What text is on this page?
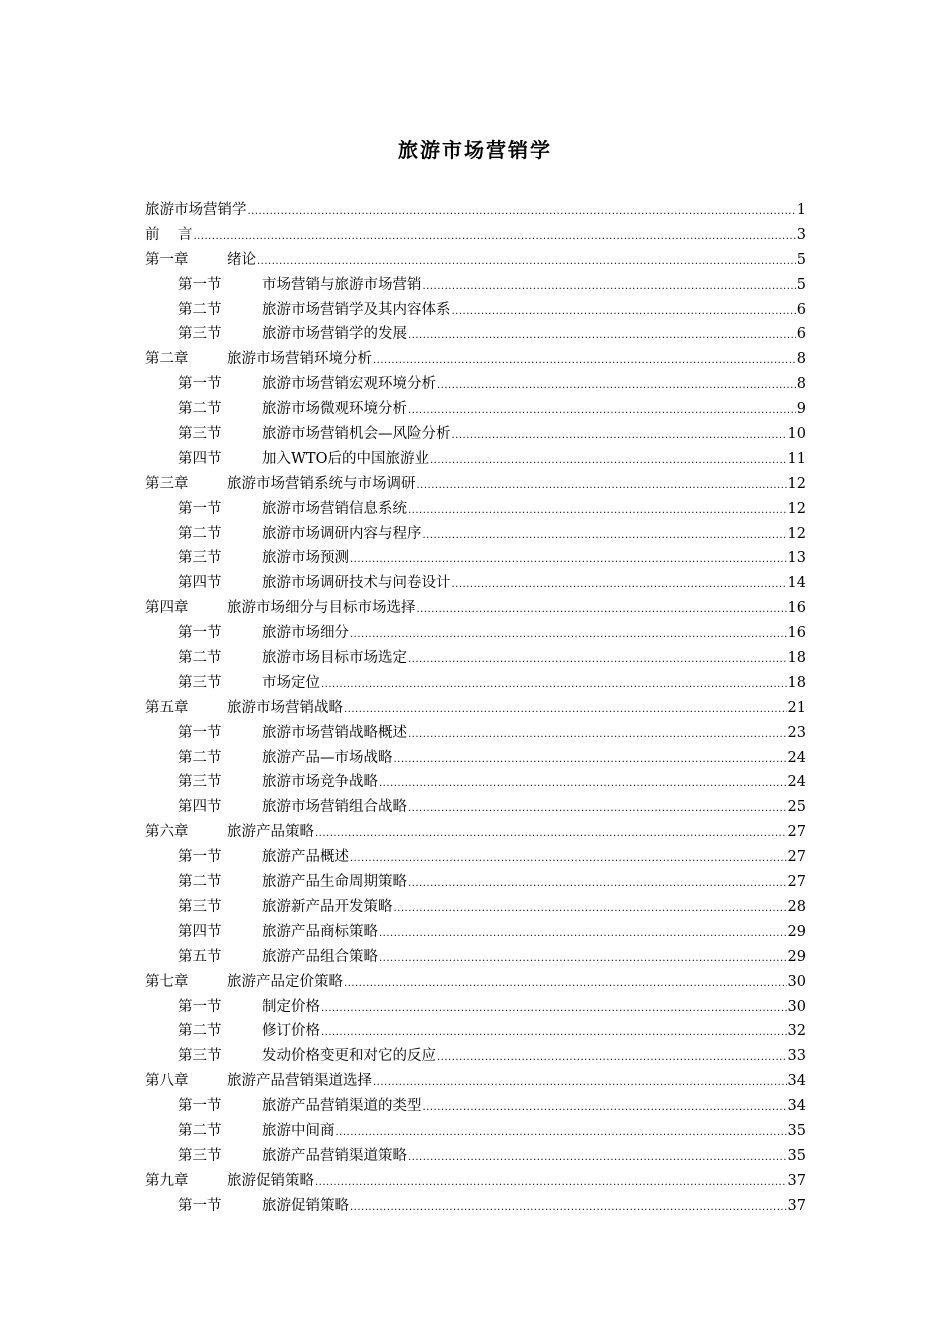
旅游市场营销学
旅游市场营销学 .....	1
前    言 .....	3
第一章	绪论 .....	5
第一节	市场营销与旅游市场营销 .....	5
第二节	旅游市场营销学及其内容体系 .....	6
第三节	旅游市场营销学的发展 .....	6
第二章	旅游市场营销环境分析 .....	8
第一节	旅游市场营销宏观环境分析 .....	8
第二节	旅游市场微观环境分析 .....	9
第三节	旅游市场营销机会—风险分析 .....	10
第四节	加入WTO后的中国旅游业 .....	11
第三章	旅游市场营销系统与市场调研 .....	12
第一节	旅游市场营销信息系统 .....	12
第二节	旅游市场调研内容与程序 .....	12
第三节	旅游市场预测 .....	13
第四节	旅游市场调研技术与问卷设计 .....	14
第四章	旅游市场细分与目标市场选择 .....	16
第一节	旅游市场细分 .....	16
第二节	旅游市场目标市场选定 .....	18
第三节	市场定位 .....	18
第五章	旅游市场营销战略 .....	21
第一节	旅游市场营销战略概述 .....	23
第二节	旅游产品—市场战略 .....	24
第三节	旅游市场竞争战略 .....	24
第四节	旅游市场营销组合战略 .....	25
第六章	旅游产品策略 .....	27
第一节	旅游产品概述 .....	27
第二节	旅游产品生命周期策略 .....	27
第三节	旅游新产品开发策略 .....	28
第四节	旅游产品商标策略 .....	29
第五节	旅游产品组合策略 .....	29
第七章	旅游产品定价策略 .....	30
第一节	制定价格 .....	30
第二节	修订价格 .....	32
第三节	发动价格变更和对它的反应 .....	33
第八章	旅游产品营销渠道选择 .....	34
第一节	旅游产品营销渠道的类型 .....	34
第二节	旅游中间商 .....	35
第三节	旅游产品营销渠道策略 .....	35
第九章	旅游促销策略 .....	37
第一节	旅游促销策略 .....	37
